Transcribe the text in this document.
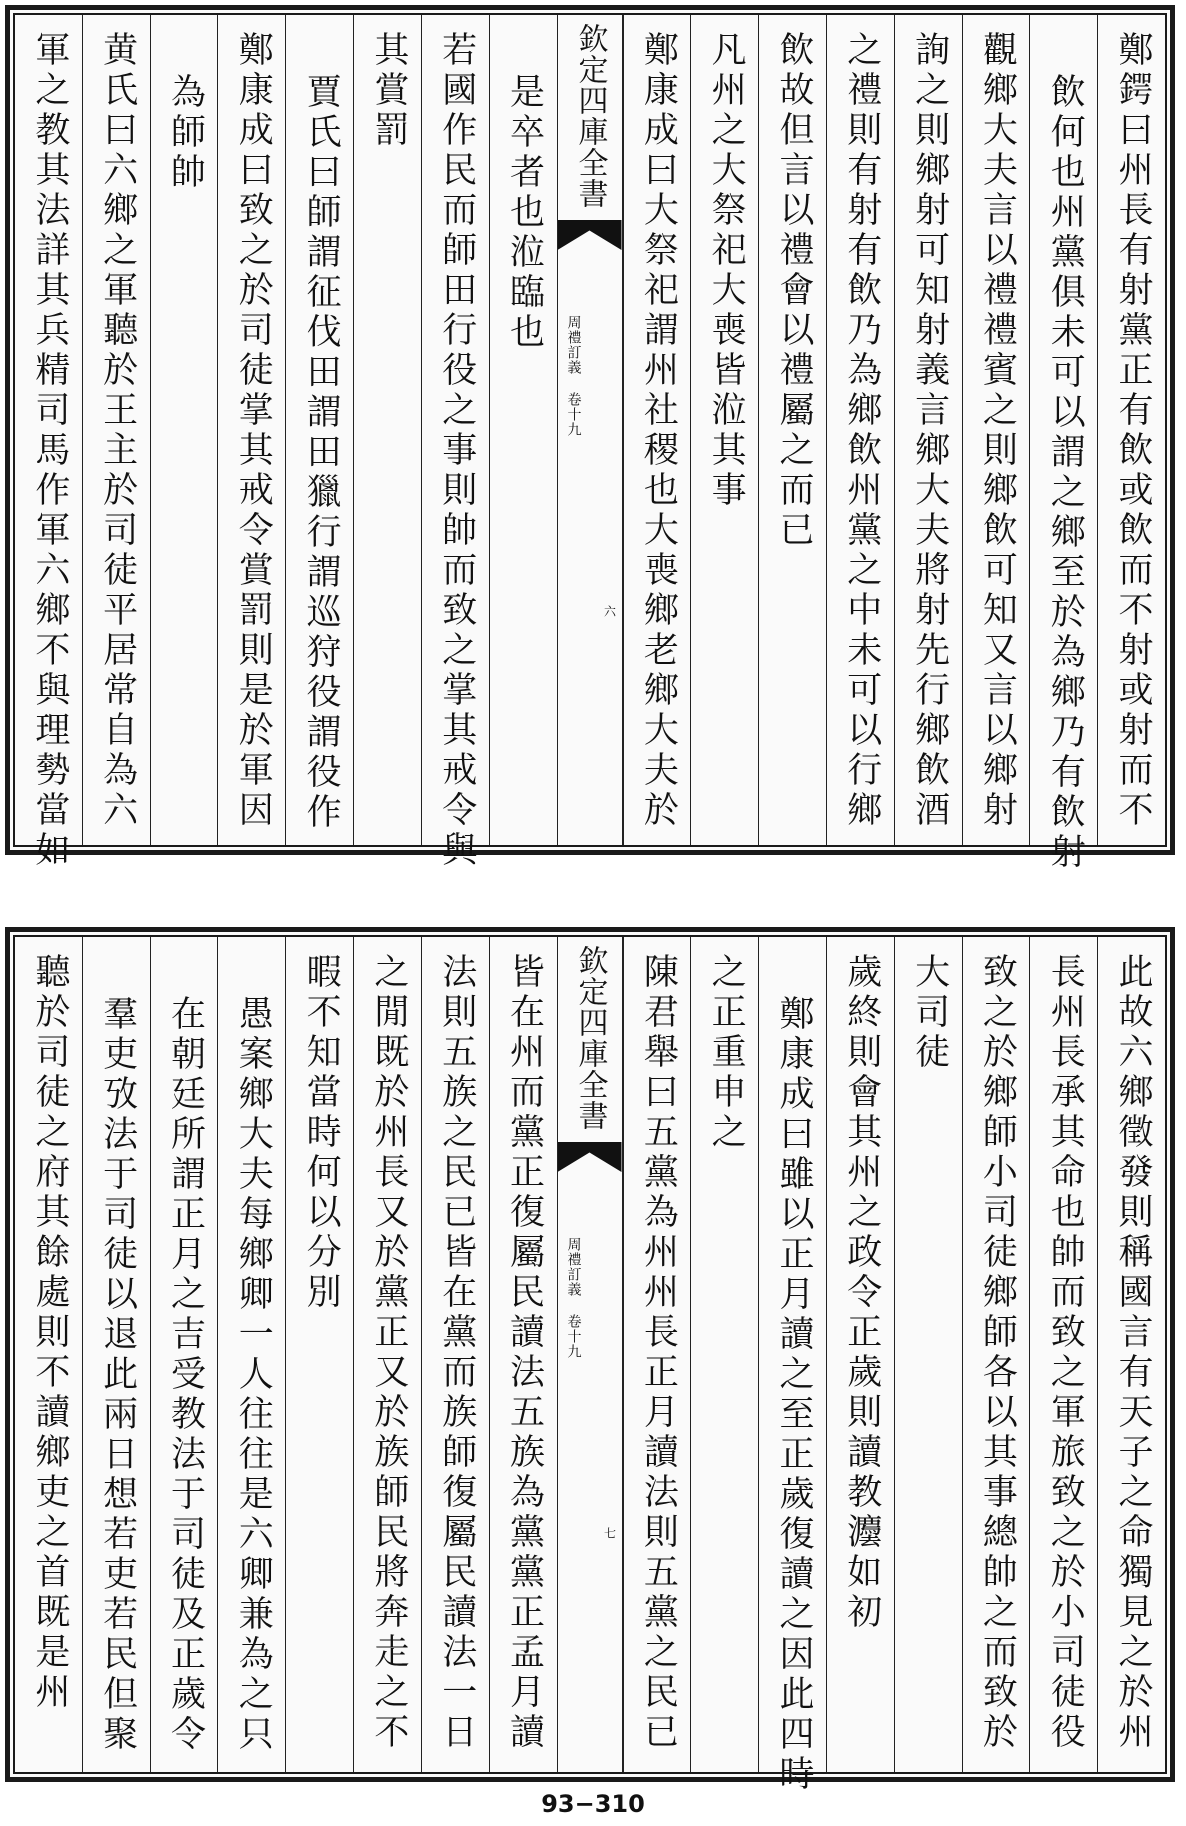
鄭鍔曰州長有射黨正有飲或飲而不射或射而不
飲何也州黨俱未可以謂之鄉至於為鄉乃有飲射
觀鄉大夫言以禮禮賓之則鄉飲可知又言以鄉射
詢之則鄉射可知射義言鄉大夫將射先行鄉飲酒
之禮則有射有飲乃為鄉飲州黨之中未可以行鄉
飲故但言以禮會以禮屬之而已
凡州之大祭祀大喪皆涖其事
鄭康成曰大祭祀謂州社稷也大喪鄉老鄉大夫於
欽定四庫全書
周禮訂義 卷十九
六
是卒者也涖臨也
若國作民而師田行役之事則帥而致之掌其戒令與
其賞罰
賈氏曰師謂征伐田謂田獵行謂巡狩役謂役作
鄭康成曰致之於司徒掌其戒令賞罰則是於軍因
為師帥
黄氏曰六鄉之軍聽於王主於司徒平居常自為六
軍之教其法詳其兵精司馬作軍六鄉不與理勢當如
此故六鄉徵發則稱國言有天子之命獨見之於州
長州長承其命也帥而致之軍旅致之於小司徒役
致之於鄉師小司徒鄉師各以其事總帥之而致於
大司徒
歲終則會其州之政令正歲則讀教灋如初
鄭康成曰雖以正月讀之至正歲復讀之因此四時
之正重申之
陳君舉曰五黨為州州長正月讀法則五黨之民已
欽定四庫全書
周禮訂義 卷十九
七
皆在州而黨正復屬民讀法五族為黨黨正孟月讀
法則五族之民已皆在黨而族師復屬民讀法一日
之閒既於州長又於黨正又於族師民將奔走之不
暇不知當時何以分別
愚案鄉大夫每鄉卿一人往往是六卿兼為之只
在朝廷所謂正月之吉受教法于司徒及正歲令
羣吏攷法于司徒以退此兩日想若吏若民但聚
聽於司徒之府其餘處則不讀鄉吏之首既是州
93−310
